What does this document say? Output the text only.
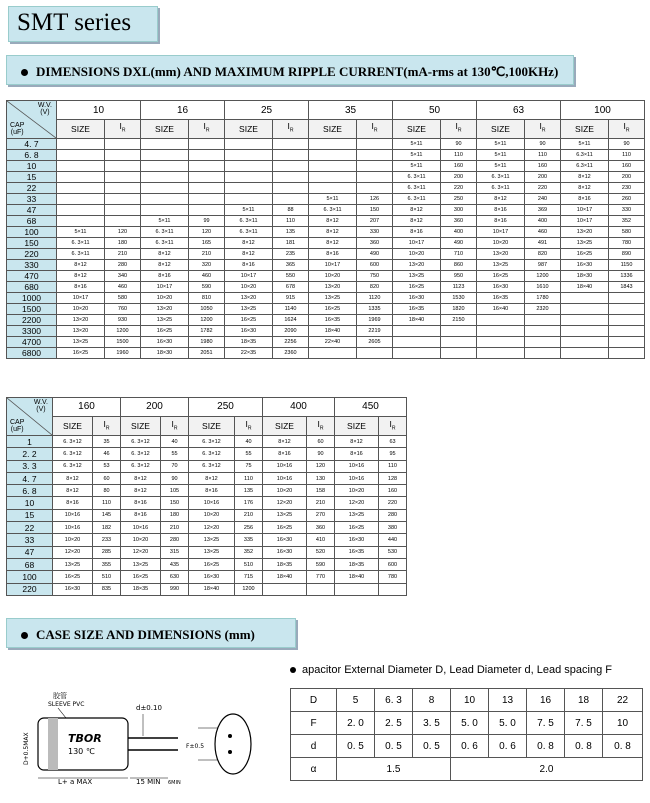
SMT series
DIMENSIONS DXL(mm) AND MAXIMUM RIPPLE CURRENT(mA-rms at 130℃,100KHz)
W.V.
(V)
CAP
(uF)	10		16		25		35		50		63		100	
	SIZE	$I_R$	SIZE	$I_R$	SIZE	$I_R$	SIZE	$I_R$	SIZE	$I_R$	SIZE	$I_R$	SIZE	$I_R$
4. 7									5×11	90	5×11	90	5×11	90
6. 8									5×11	110	5×11	110	6.3×11	110
10									5×11	160	5×11	160	6.3×11	160
15									6. 3×11	200	6. 3×11	200	8×12	200
22									6. 3×11	220	6. 3×11	220	8×12	230
33							5×11	126	6. 3×11	250	8×12	240	8×16	260
47					5×11	88	6. 3×11	150	8×12	300	8×16	369	10×17	330
68			5×11	99	6. 3×11	110	8×12	207	8×12	360	8×16	400	10×17	352
100	5×11	120	6. 3×11	120	6. 3×11	135	8×12	330	8×16	400	10×17	460	13×20	580
150	6. 3×11	180	6. 3×11	165	8×12	181	8×12	360	10×17	490	10×20	491	13×25	780
220	6. 3×11	210	8×12	210	8×12	235	8×16	490	10×20	710	13×20	820	16×25	890
330	8×12	280	8×12	320	8×16	365	10×17	600	13×20	860	13×25	987	16×30	1150
470	8×12	340	8×16	460	10×17	550	10×20	750	13×25	950	16×25	1200	18×30	1336
680	8×16	460	10×17	590	10×20	678	13×20	820	16×25	1123	16×30	1610	18×40	1843
1000	10×17	580	10×20	810	13×20	915	13×25	1120	16×30	1530	16×35	1780		
1500	10×20	760	13×20	1050	13×25	1140	16×25	1335	16×35	1820	16×40	2320		
2200	13×20	930	13×25	1200	16×25	1624	16×35	1969	18×40	2150				
3300	13×20	1200	16×25	1782	16×30	2090	18×40	2219						
4700	13×25	1500	16×30	1980	18×35	2256	22×40	2605						
6800	16×25	1960	18×30	2051	22×35	2360								
W.V.
(V)
CAP
(uF)	160		200		250		400		450	
	SIZE	$I_R$	SIZE	$I_R$	SIZE	$I_R$	SIZE	$I_R$	SIZE	$I_R$
1	6. 3×12	35	6. 3×12	40	6. 3×12	40	8×12	60	8×12	63
2. 2	6. 3×12	46	6. 3×12	55	6. 3×12	55	8×16	90	8×16	95
3. 3	6. 3×12	53	6. 3×12	70	6. 3×12	75	10×16	120	10×16	110
4. 7	8×12	60	8×12	90	8×12	110	10×16	130	10×16	128
6. 8	8×12	80	8×12	105	8×16	135	10×20	158	10×20	160
10	8×16	110	8×16	150	10×16	176	12×20	210	12×20	220
15	10×16	145	8×16	180	10×20	210	13×25	270	13×25	280
22	10×16	182	10×16	210	12×20	256	16×25	360	16×25	380
33	10×20	233	10×20	280	13×25	335	16×30	410	16×30	440
47	12×20	285	12×20	315	13×25	352	16×30	520	16×35	530
68	13×25	355	13×25	435	16×25	510	18×35	590	18×35	600
100	16×25	510	16×25	630	16×30	715	18×40	770	18×40	780
220	16×30	835	18×35	990	18×40	1200				
CASE SIZE AND DIMENSIONS (mm)
apacitor External Diameter D, Lead Diameter d, Lead spacing F
胶管
SLEEVE PVC
TBOR
130 ℃
d±0.10
L+ a MAX	15 MIN 6MIN
D+0.5MAX	F±0.5
D	5	6. 3	8	10	13	16	18	22
F	2. 0	2. 5	3. 5	5. 0	5. 0	7. 5	7. 5	10
d	0. 5	0. 5	0. 5	0. 6	0. 6	0. 8	0. 8	0. 8
α	1.5			2.0				
